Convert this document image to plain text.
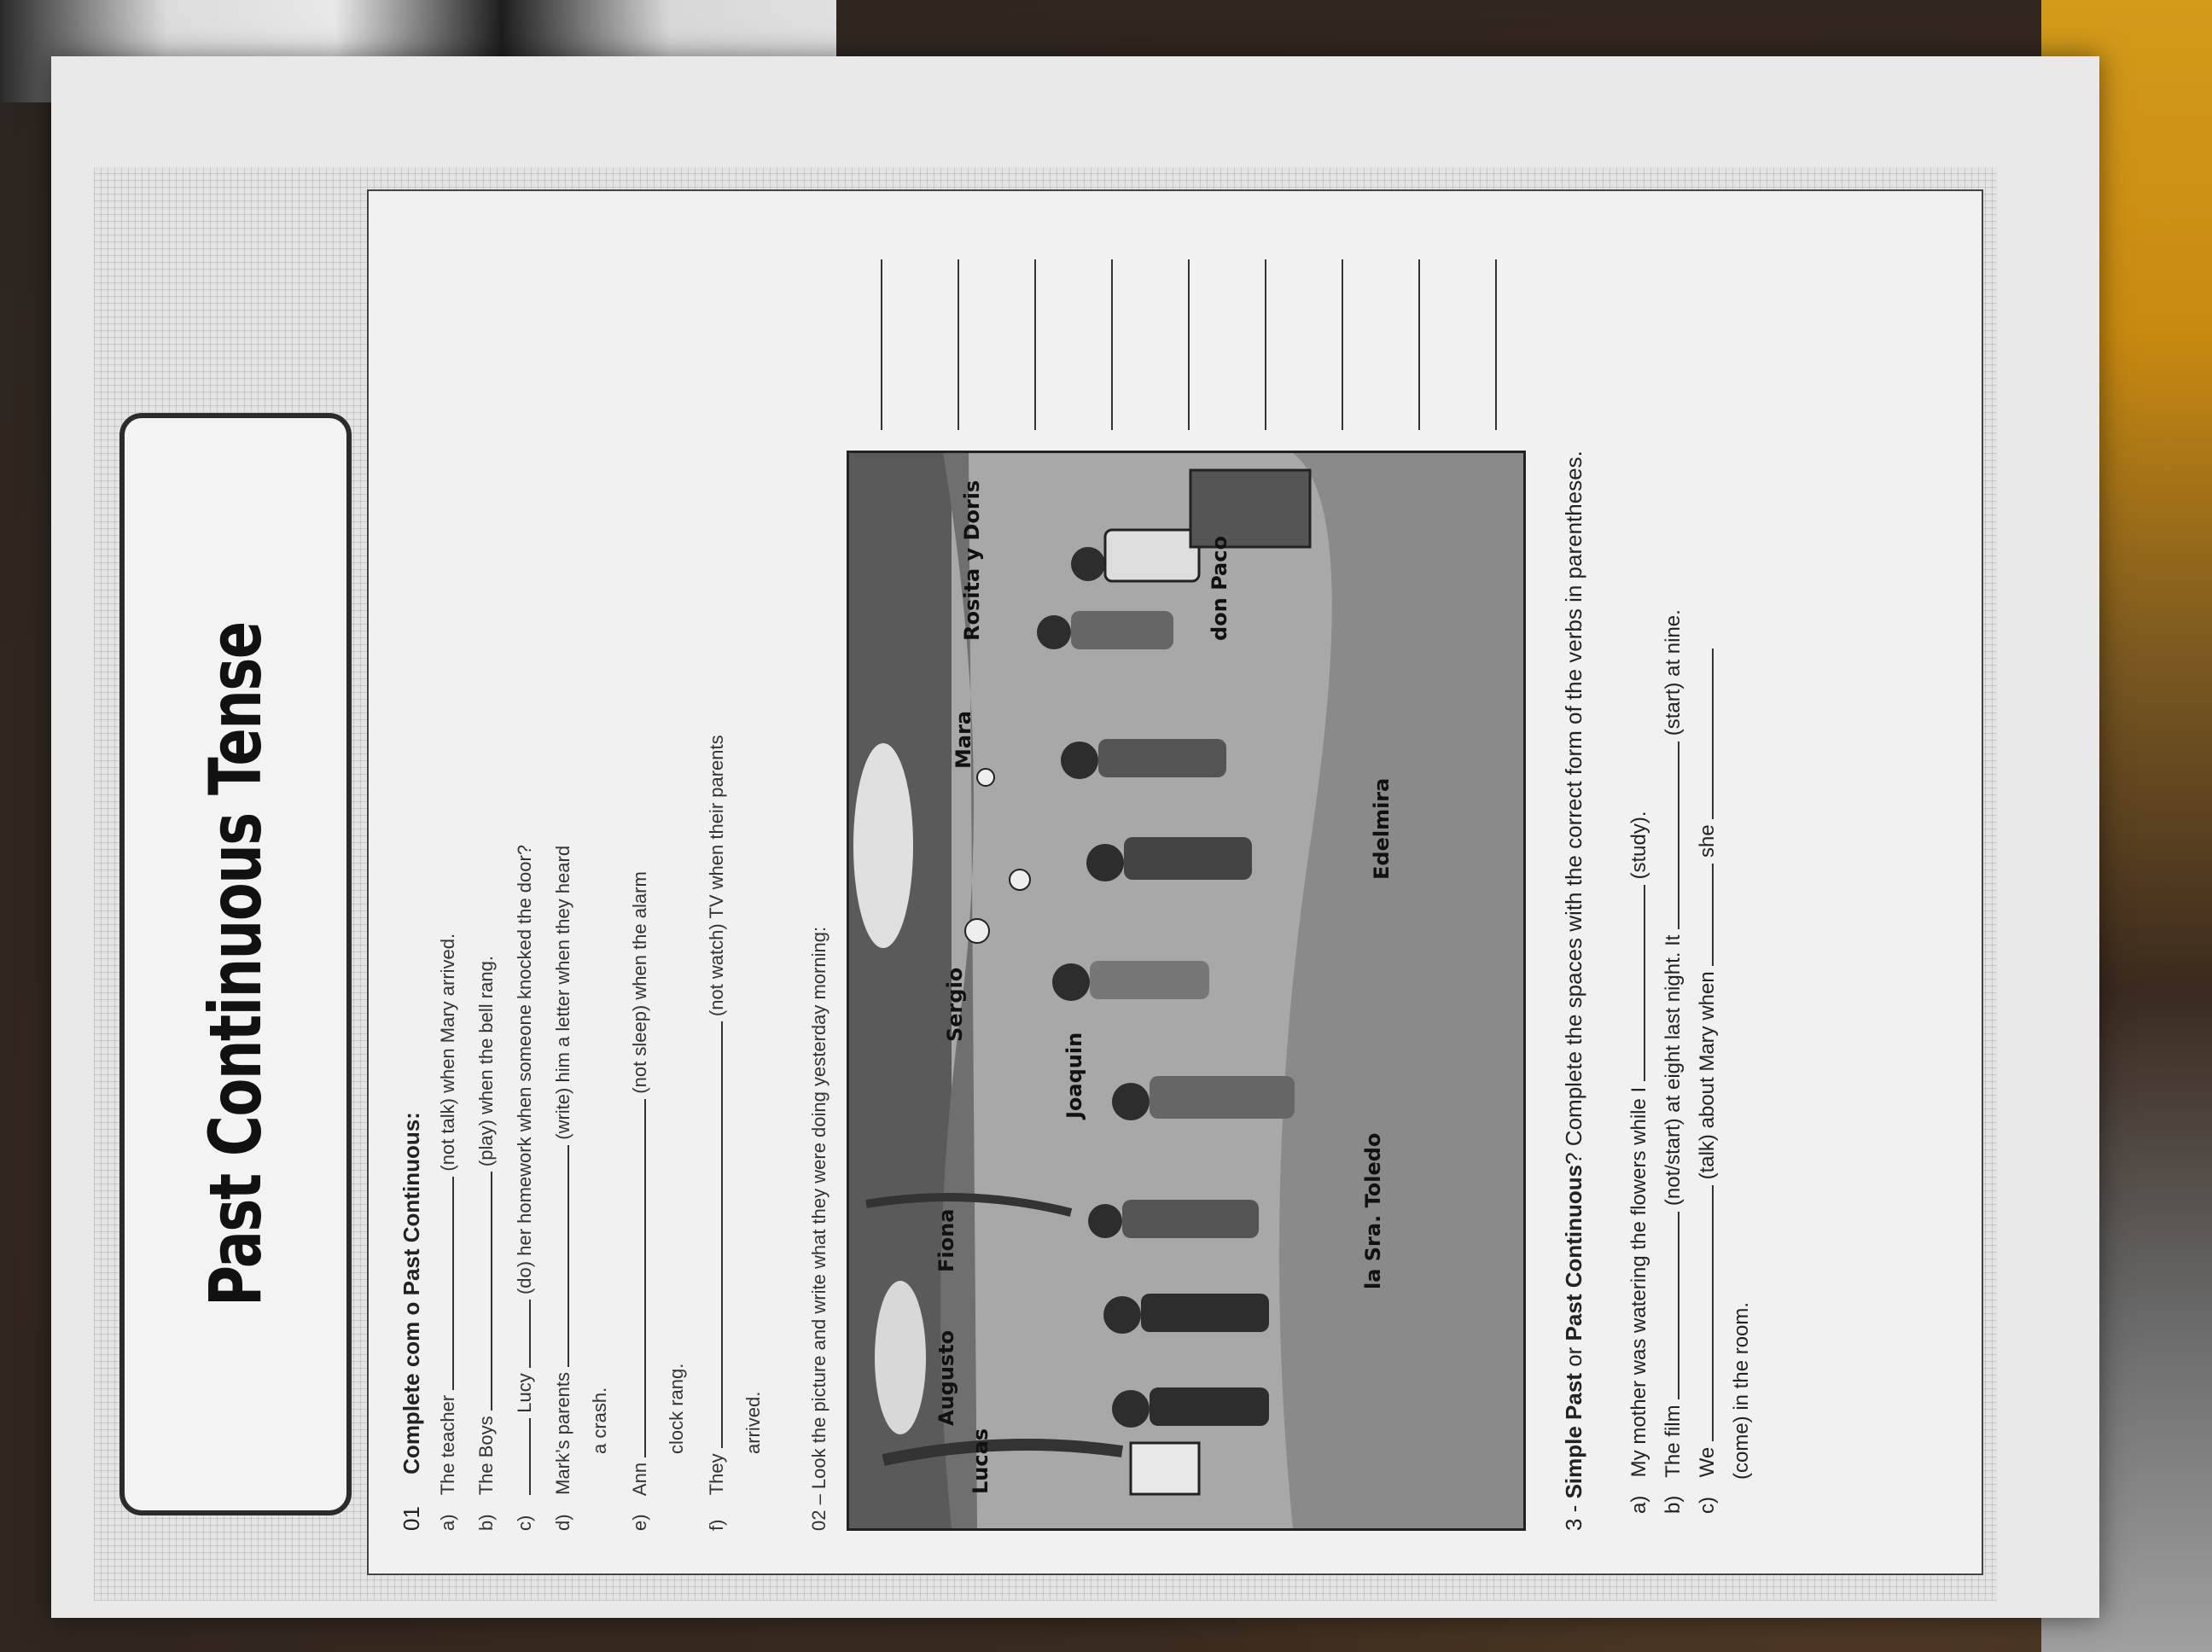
Past Continuous Tense
01 Complete com o Past Continuous:
a) The teacher  (not talk) when Mary arrived.
b) The Boys  (play) when the bell rang.
c)  Lucy  (do) her homework when someone knocked the door?
d) Mark’s parents  (write) him a letter when they heard
a crash.
e) Ann  (not sleep) when the alarm
clock rang.
f) They  (not watch) TV when their parents
arrived. 02 – Look the picture and write what they were doing yesterday morning:	Lucas
Augusto
Fiona	la Sra. Toledo
Joaquin
Sergio
Mara
Edelmira
Rosita y Doris	don Paco
3 - Simple Past or Past Continuous? Complete the spaces with the correct form of the verbs in parentheses.
a) My mother was watering the flowers while I  (study).
b) The film  (not/start) at eight last night. It  (start) at nine.
c) We  (talk) about Mary when  she
(come) in the room.
